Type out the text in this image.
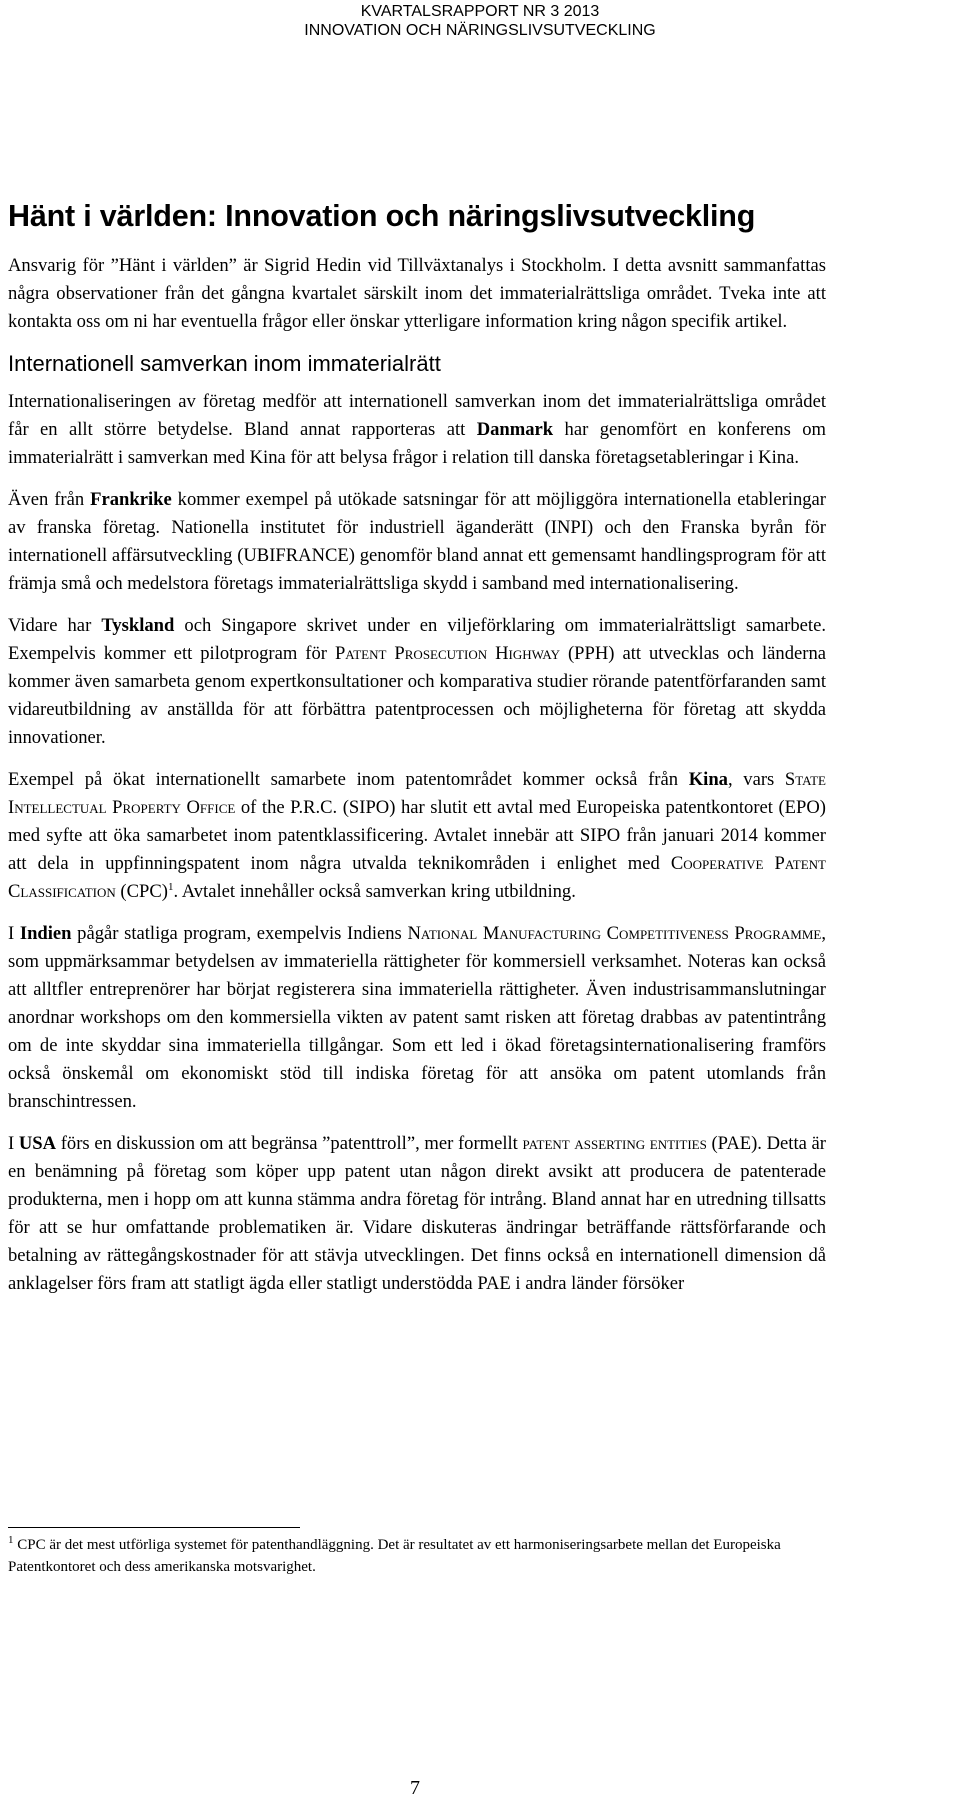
KVARTALSRAPPORT NR 3 2013
INNOVATION OCH NÄRINGSLIVSUTVECKLING
Hänt i världen: Innovation och näringslivsutveckling

Ansvarig för ”Hänt i världen” är Sigrid Hedin vid Tillväxtanalys i Stockholm. I detta avsnitt sammanfattas några observationer från det gångna kvartalet särskilt inom det immaterialrättsliga området. Tveka inte att kontakta oss om ni har eventuella frågor eller önskar ytterligare information kring någon specifik artikel.

Internationell samverkan inom immaterialrätt

Internationaliseringen av företag medför att internationell samverkan inom det immaterialrättsliga området får en allt större betydelse. Bland annat rapporteras att Danmark har genomfört en konferens om immaterialrätt i samverkan med Kina för att belysa frågor i relation till danska företagsetableringar i Kina.

Även från Frankrike kommer exempel på utökade satsningar för att möjliggöra internationella etableringar av franska företag. Nationella institutet för industriell äganderätt (INPI) och den Franska byrån för internationell affärsutveckling (UBIFRANCE) genomför bland annat ett gemensamt handlingsprogram för att främja små och medelstora företags immaterialrättsliga skydd i samband med internationalisering.

Vidare har Tyskland och Singapore skrivet under en viljeförklaring om immaterialrättsligt samarbete. Exempelvis kommer ett pilotprogram för Patent Prosecution Highway (PPH) att utvecklas och länderna kommer även samarbeta genom expertkonsultationer och komparativa studier rörande patentförfaranden samt vidareutbildning av anställda för att förbättra patentprocessen och möjligheterna för företag att skydda innovationer.

Exempel på ökat internationellt samarbete inom patentområdet kommer också från Kina, vars State Intellectual Property Office of the P.R.C. (SIPO) har slutit ett avtal med Europeiska patentkontoret (EPO) med syfte att öka samarbetet inom patentklassificering. Avtalet innebär att SIPO från januari 2014 kommer att dela in uppfinningspatent inom några utvalda teknikområden i enlighet med Cooperative Patent Classification (CPC)$^1$. Avtalet innehåller också samverkan kring utbildning.

I Indien pågår statliga program, exempelvis Indiens National Manufacturing Competitiveness Programme, som uppmärksammar betydelsen av immateriella rättigheter för kommersiell verksamhet. Noteras kan också att alltfler entreprenörer har börjat registerera sina immateriella rättigheter. Även industrisammanslutningar anordnar workshops om den kommersiella vikten av patent samt risken att företag drabbas av patentintrång om de inte skyddar sina immateriella tillgångar. Som ett led i ökad företagsinternationalisering framförs också önskemål om ekonomiskt stöd till indiska företag för att ansöka om patent utomlands från branschintressen.

I USA förs en diskussion om att begränsa ”patenttroll”, mer formellt patent asserting entities (PAE). Detta är en benämning på företag som köper upp patent utan någon direkt avsikt att producera de patenterade produkterna, men i hopp om att kunna stämma andra företag för intrång. Bland annat har en utredning tillsatts för att se hur omfattande problematiken är. Vidare diskuteras ändringar beträffande rättsförfarande och betalning av rättegångskostnader för att stävja utvecklingen. Det finns också en internationell dimension då anklagelser förs fram att statligt ägda eller statligt understödda PAE i andra länder försöker

$^1$ CPC är det mest utförliga systemet för patenthandläggning. Det är resultatet av ett harmoniseringsarbete mellan det Europeiska Patentkontoret och dess amerikanska motsvarighet.
7
